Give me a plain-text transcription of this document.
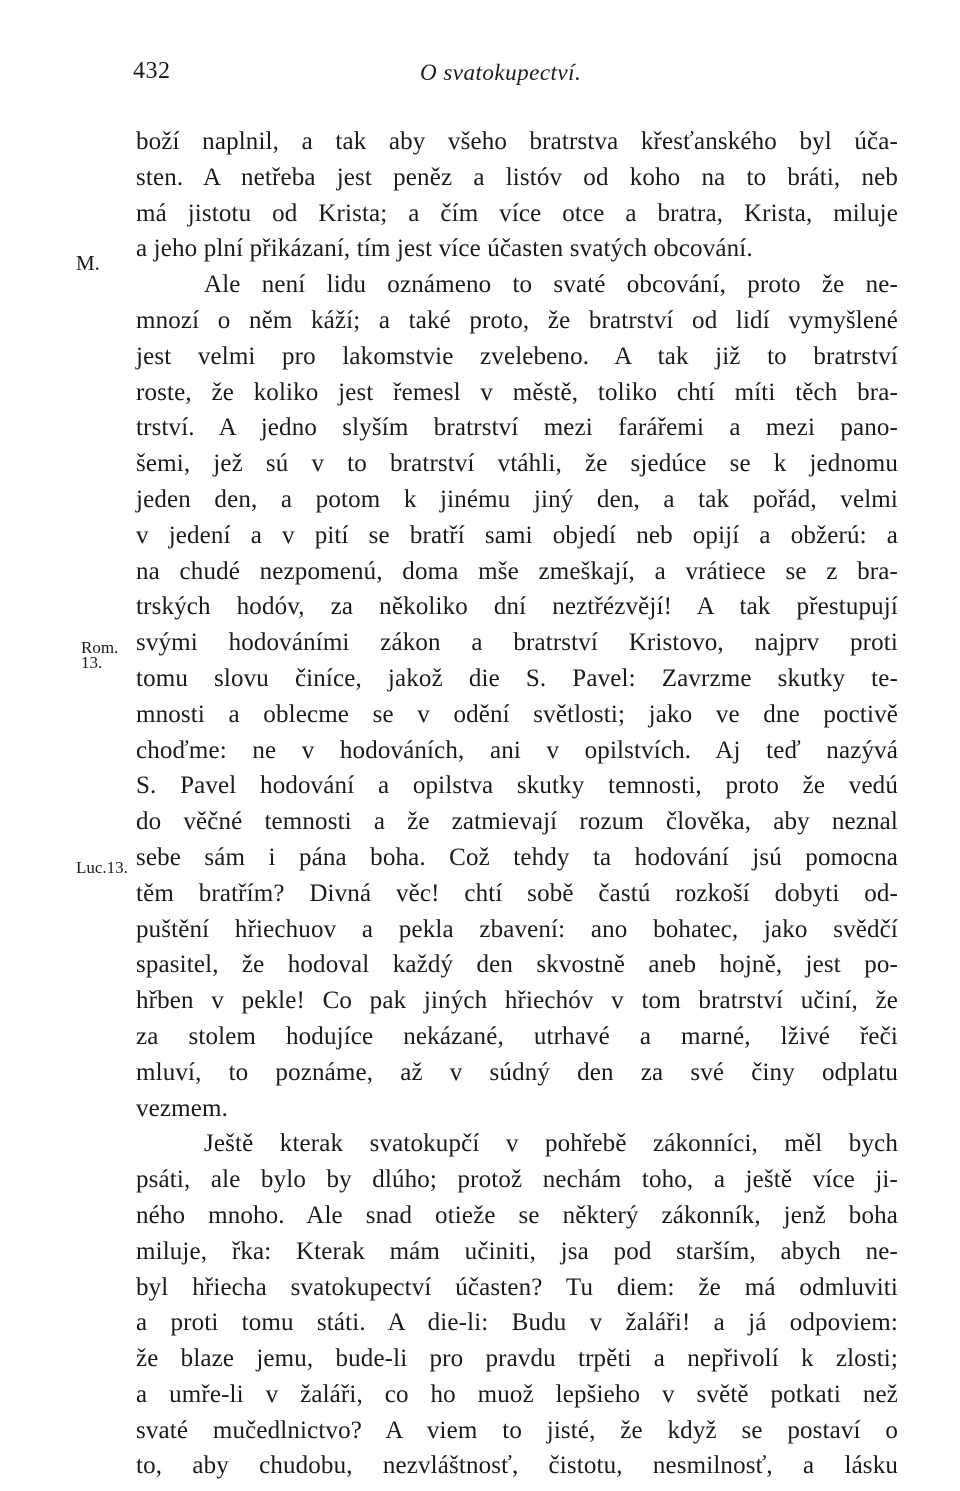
432	O svatokupectví.
M.
Rom.
13.
Luc.13.
boží naplnil, a tak aby všeho bratrstva křesťanského byl úča-
sten. A netřeba jest peněz a listóv od koho na to bráti, neb
má jistotu od Krista; a čím více otce a bratra, Krista, miluje
a jeho plní přikázaní, tím jest více účasten svatých obcování.
Ale není lidu oznámeno to svaté obcování, proto že ne-
mnozí o něm káží; a také proto, že bratrství od lidí vymyšlené
jest velmi pro lakomstvie zvelebeno. A tak již to bratrství
roste, že koliko jest řemesl v městě, toliko chtí míti těch bra-
trství. A jedno slyším bratrství mezi farářemi a mezi pano-
šemi, jež sú v to bratrství vtáhli, že sjedúce se k jednomu
jeden den, a potom k jinému jiný den, a tak pořád, velmi
v jedení a v pití se bratří sami objedí neb opijí a obžerú: a
na chudé nezpomenú, doma mše zmeškají, a vrátiece se z bra-
trských hodóv, za několiko dní neztřézvějí! A tak přestupují
svými hodováními zákon a bratrství Kristovo, najprv proti
tomu slovu činíce, jakož die S. Pavel: Zavrzme skutky te-
mnosti a oblecme se v odění světlosti; jako ve dne poctivě
choďme: ne v hodováních, ani v opilstvích. Aj teď nazývá
S. Pavel hodování a opilstva skutky temnosti, proto že vedú
do věčné temnosti a že zatmievají rozum člověka, aby neznal
sebe sám i pána boha. Což tehdy ta hodování jsú pomocna
těm bratřím? Divná věc! chtí sobě častú rozkoší dobyti od-
puštění hřiechuov a pekla zbavení: ano bohatec, jako svědčí
spasitel, že hodoval každý den skvostně aneb hojně, jest po-
hřben v pekle! Co pak jiných hřiechóv v tom bratrství učiní, že
za stolem hodujíce nekázané, utrhavé a marné, lživé řeči
mluví, to poznáme, až v súdný den za své činy odplatu
vezmem.
Ještě kterak svatokupčí v pohřebě zákonníci, měl bych
psáti, ale bylo by dlúho; protož nechám toho, a ještě více ji-
ného mnoho. Ale snad otieže se některý zákonník, jenž boha
miluje, řka: Kterak mám učiniti, jsa pod starším, abych ne-
byl hřiecha svatokupectví účasten? Tu diem: že má odmluviti
a proti tomu státi. A die-li: Budu v žaláři! a já odpoviem:
že blaze jemu, bude-li pro pravdu trpěti a nepřivolí k zlosti;
a umře-li v žaláři, co ho muož lepšieho v světě potkati než
svaté mučedlnictvo? A viem to jisté, že když se postaví o
to, aby chudobu, nezvláštnosť, čistotu, nesmilnosť, a lásku
